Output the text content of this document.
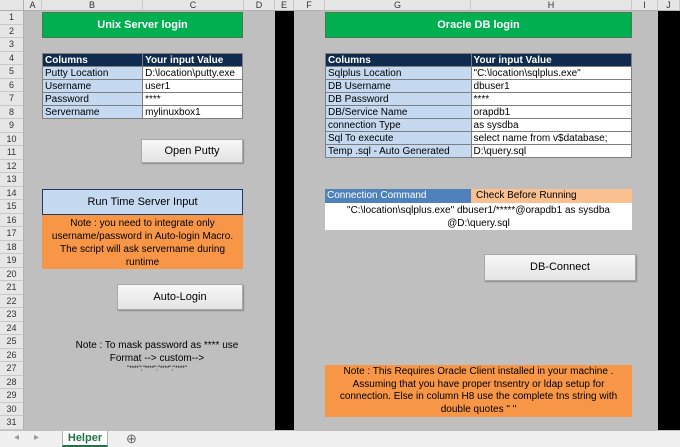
A	B	C	D	E	F	G	H	I	J
1
2
3
4
5
6
7
8
9
10
11
12
13
14
15
16
17
18
19
20
21
22
23
24
25
26
27
28
29
30
31
Unix Server login
Columns	Your input Value
Putty Location	D:\location\putty.exe
Username	user1
Password	****
Servername	mylinuxbox1
Open Putty
Run Time Server Input
Note : you need to integrate only username/password in Auto-login Macro. The script will ask servername during runtime
Auto-Login
Note : To mask password as **** use
Format --> custom-->
"****";"****";"****";"****"
Oracle DB login
Columns	Your input Value
Sqlplus Location	"C:\location\sqlplus.exe"
DB Username	dbuser1
DB Password	****
DB/Service Name	orapdb1
connection Type	as sysdba
Sql To execute	select name from v$database;
Temp .sql - Auto Generated	D:\query.sql
Connection Command	Check Before Running
"C:\location\sqlplus.exe" dbuser1/*****@orapdb1 as sysdba @D:\query.sql
DB-Connect
Note : This Requires Oracle Client installed in your machine . Assuming that you have proper tnsentry or ldap setup for connection. Else in column H8 use the complete tns string with double quotes " "
◂ ▸	Helper	⊕
